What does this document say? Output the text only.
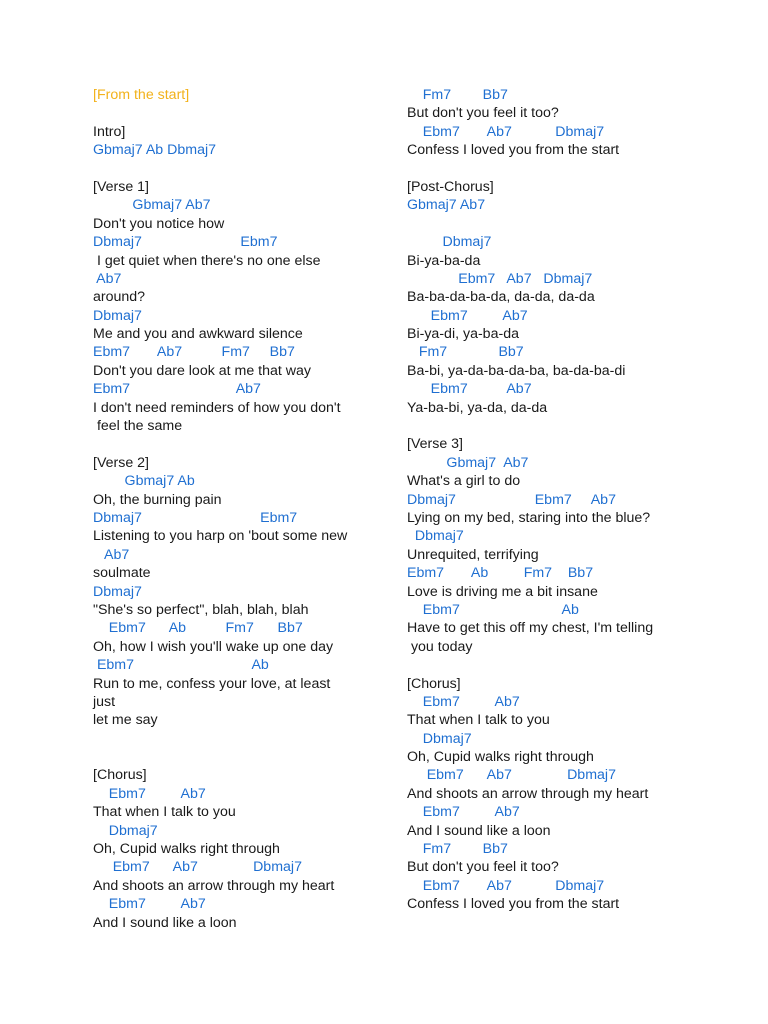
[From the start]
Intro]
Gbmaj7 Ab Dbmaj7
[Verse 1]
Gbmaj7 Ab7
Don't you notice how
Dbmaj7                         Ebm7
I get quiet when there's no one else
Ab7
around?
Dbmaj7
Me and you and awkward silence
Ebm7       Ab7          Fm7     Bb7
Don't you dare look at me that way
Ebm7                           Ab7
I don't need reminders of how you don't
feel the same
[Verse 2]
Gbmaj7 Ab
Oh, the burning pain
Dbmaj7                              Ebm7
Listening to you harp on 'bout some new
Ab7
soulmate
Dbmaj7
"She's so perfect", blah, blah, blah
Ebm7      Ab          Fm7      Bb7
Oh, how I wish you'll wake up one day
Ebm7                              Ab
Run to me, confess your love, at least
just
let me say
[Chorus]
Ebm7         Ab7
That when I talk to you
Dbmaj7
Oh, Cupid walks right through
Ebm7      Ab7              Dbmaj7
And shoots an arrow through my heart
Ebm7         Ab7
And I sound like a loon
Fm7        Bb7
But don't you feel it too?
Ebm7       Ab7           Dbmaj7
Confess I loved you from the start
[Post-Chorus]
Gbmaj7 Ab7
Dbmaj7
Bi-ya-ba-da
Ebm7   Ab7   Dbmaj7
Ba-ba-da-ba-da, da-da, da-da
Ebm7         Ab7
Bi-ya-di, ya-ba-da
Fm7             Bb7
Ba-bi, ya-da-ba-da-ba, ba-da-ba-di
Ebm7          Ab7
Ya-ba-bi, ya-da, da-da
[Verse 3]
Gbmaj7  Ab7
What's a girl to do
Dbmaj7                    Ebm7     Ab7
Lying on my bed, staring into the blue?
Dbmaj7
Unrequited, terrifying
Ebm7       Ab         Fm7    Bb7
Love is driving me a bit insane
Ebm7                          Ab
Have to get this off my chest, I'm telling
you today
[Chorus]
Ebm7         Ab7
That when I talk to you
Dbmaj7
Oh, Cupid walks right through
Ebm7      Ab7              Dbmaj7
And shoots an arrow through my heart
Ebm7         Ab7
And I sound like a loon
Fm7        Bb7
But don't you feel it too?
Ebm7       Ab7           Dbmaj7
Confess I loved you from the start
